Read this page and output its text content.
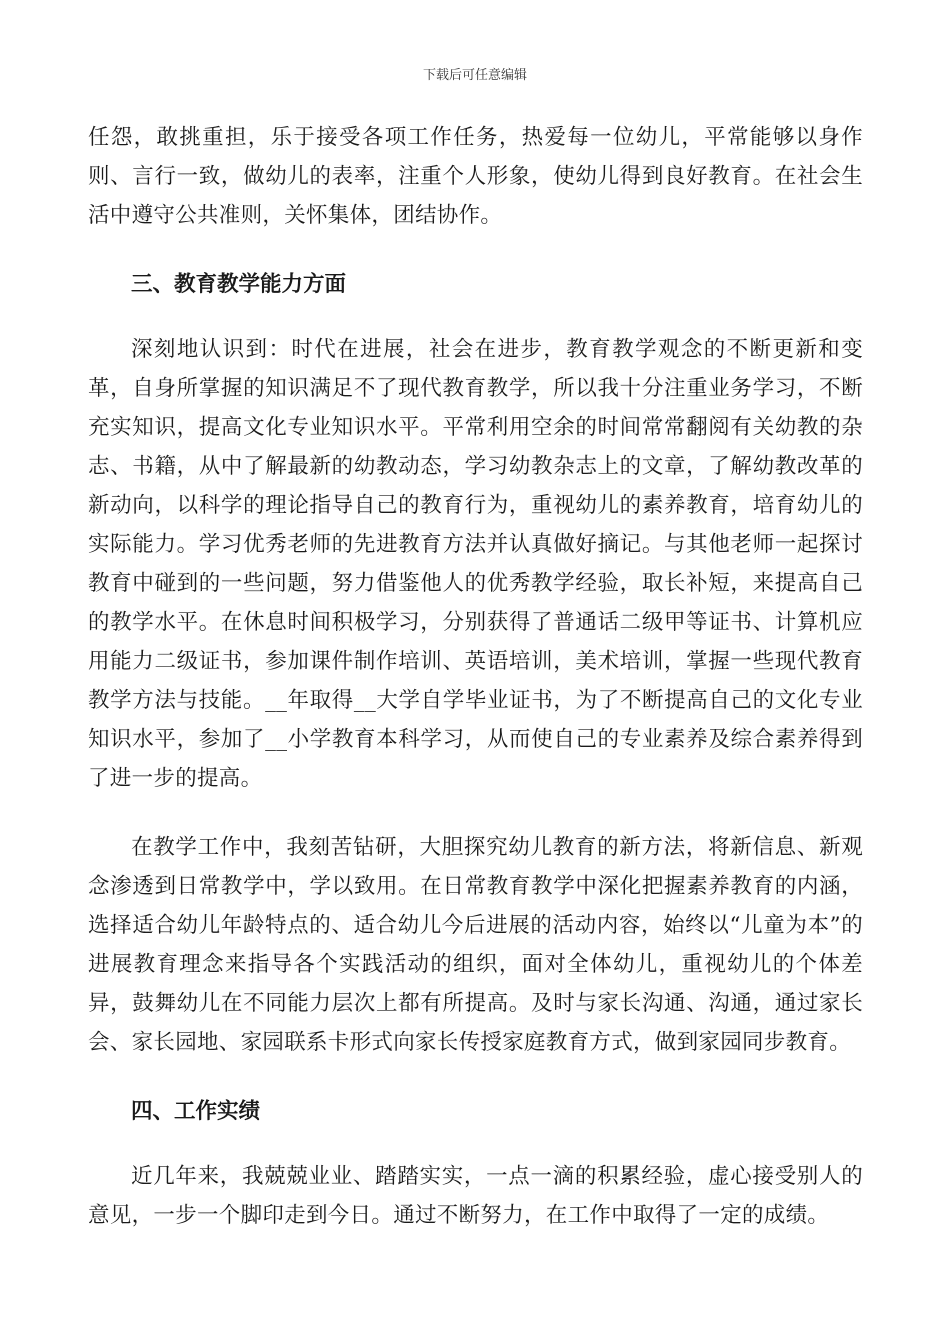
下载后可任意编辑

任怨，敢挑重担，乐于接受各项工作任务，热爱每一位幼儿，平常能够以身作则、言行一致，做幼儿的表率，注重个人形象，使幼儿得到良好教育。在社会生活中遵守公共准则，关怀集体，团结协作。

三、教育教学能力方面

深刻地认识到：时代在进展，社会在进步，教育教学观念的不断更新和变革，自身所掌握的知识满足不了现代教育教学，所以我十分注重业务学习，不断充实知识，提高文化专业知识水平。平常利用空余的时间常常翻阅有关幼教的杂志、书籍，从中了解最新的幼教动态，学习幼教杂志上的文章，了解幼教改革的新动向，以科学的理论指导自己的教育行为，重视幼儿的素养教育，培育幼儿的实际能力。学习优秀老师的先进教育方法并认真做好摘记。与其他老师一起探讨教育中碰到的一些问题，努力借鉴他人的优秀教学经验，取长补短，来提高自己的教学水平。在休息时间积极学习，分别获得了普通话二级甲等证书、计算机应用能力二级证书，参加课件制作培训、英语培训，美术培训，掌握一些现代教育教学方法与技能。__年取得__大学自学毕业证书，为了不断提高自己的文化专业知识水平，参加了__小学教育本科学习，从而使自己的专业素养及综合素养得到了进一步的提高。

在教学工作中，我刻苦钻研，大胆探究幼儿教育的新方法，将新信息、新观念渗透到日常教学中，学以致用。在日常教育教学中深化把握素养教育的内涵，选择适合幼儿年龄特点的、适合幼儿今后进展的活动内容，始终以“儿童为本”的进展教育理念来指导各个实践活动的组织，面对全体幼儿，重视幼儿的个体差异，鼓舞幼儿在不同能力层次上都有所提高。及时与家长沟通、沟通，通过家长会、家长园地、家园联系卡形式向家长传授家庭教育方式，做到家园同步教育。

四、工作实绩

近几年来，我兢兢业业、踏踏实实，一点一滴的积累经验，虚心接受别人的意见，一步一个脚印走到今日。通过不断努力，在工作中取得了一定的成绩。
